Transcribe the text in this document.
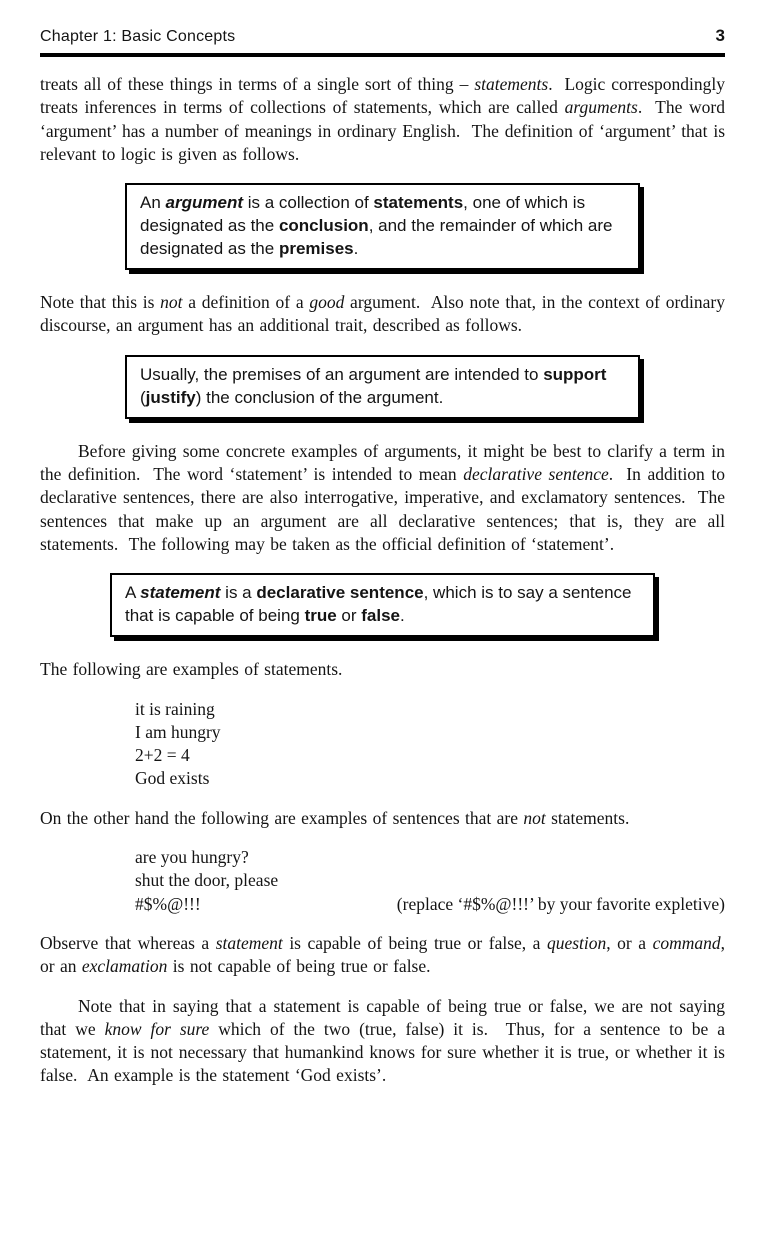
Chapter 1: Basic Concepts	3

treats all of these things in terms of a single sort of thing – statements.  Logic correspondingly treats inferences in terms of collections of statements, which are called arguments.  The word ‘argument’ has a number of meanings in ordinary English.  The definition of ‘argument’ that is relevant to logic is given as follows.

An argument is a collection of statements, one of which is designated as the conclusion, and the remainder of which are designated as the premises.

Note that this is not a definition of a good argument.  Also note that, in the context of ordinary discourse, an argument has an additional trait, described as follows.

Usually, the premises of an argument are intended to support (justify) the conclusion of the argument.

Before giving some concrete examples of arguments, it might be best to clarify a term in the definition.  The word ‘statement’ is intended to mean declarative sentence.  In addition to declarative sentences, there are also interrogative, imperative, and exclamatory sentences.  The sentences that make up an argument are all declarative sentences; that is, they are all statements.  The following may be taken as the official definition of ‘statement’.

A statement is a declarative sentence, which is to say a sentence that is capable of being true or false.

The following are examples of statements.

it is raining
I am hungry
2+2 = 4
God exists

On the other hand the following are examples of sentences that are not statements.

are you hungry?
shut the door, please
#$%@!!!	(replace ‘#$%@!!!’ by your favorite expletive)

Observe that whereas a statement is capable of being true or false, a question, or a command, or an exclamation is not capable of being true or false.

Note that in saying that a statement is capable of being true or false, we are not saying that we know for sure which of the two (true, false) it is.  Thus, for a sentence to be a statement, it is not necessary that humankind knows for sure whether it is true, or whether it is false.  An example is the statement ‘God exists’.
